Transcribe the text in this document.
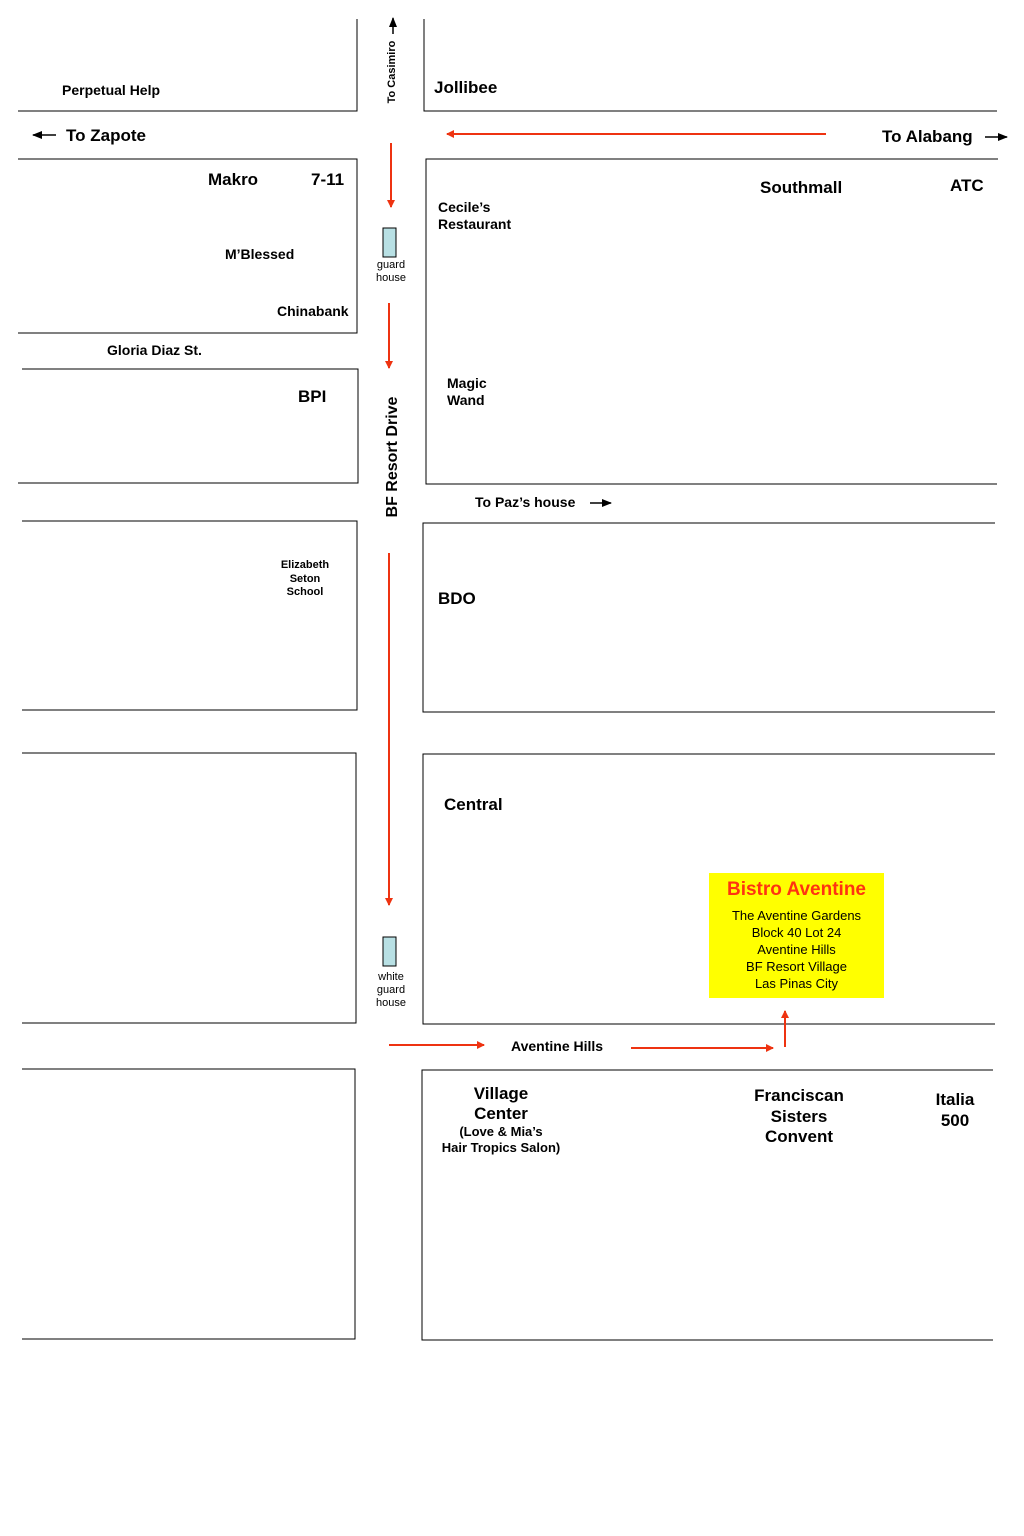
To Casimiro
BF Resort Drive
To Zapote	To Alabang
Gloria Diaz St.
To Paz’s house
Aventine Hills
Perpetual Help	Jollibee
Makro	7-11
M’Blessed
Chinabank
Southmall	ATC
Cecile’s
Restaurant
BPI
Magic
Wand
Elizabeth
Seton
School	BDO
Central
Village
Center
(Love & Mia’s
Hair Tropics Salon)
Franciscan
Sisters
Convent
Italia
500
guard
house
white
guard
house
Bistro Aventine
The Aventine Gardens
Block 40 Lot 24
Aventine Hills
BF Resort Village
Las Pinas City
